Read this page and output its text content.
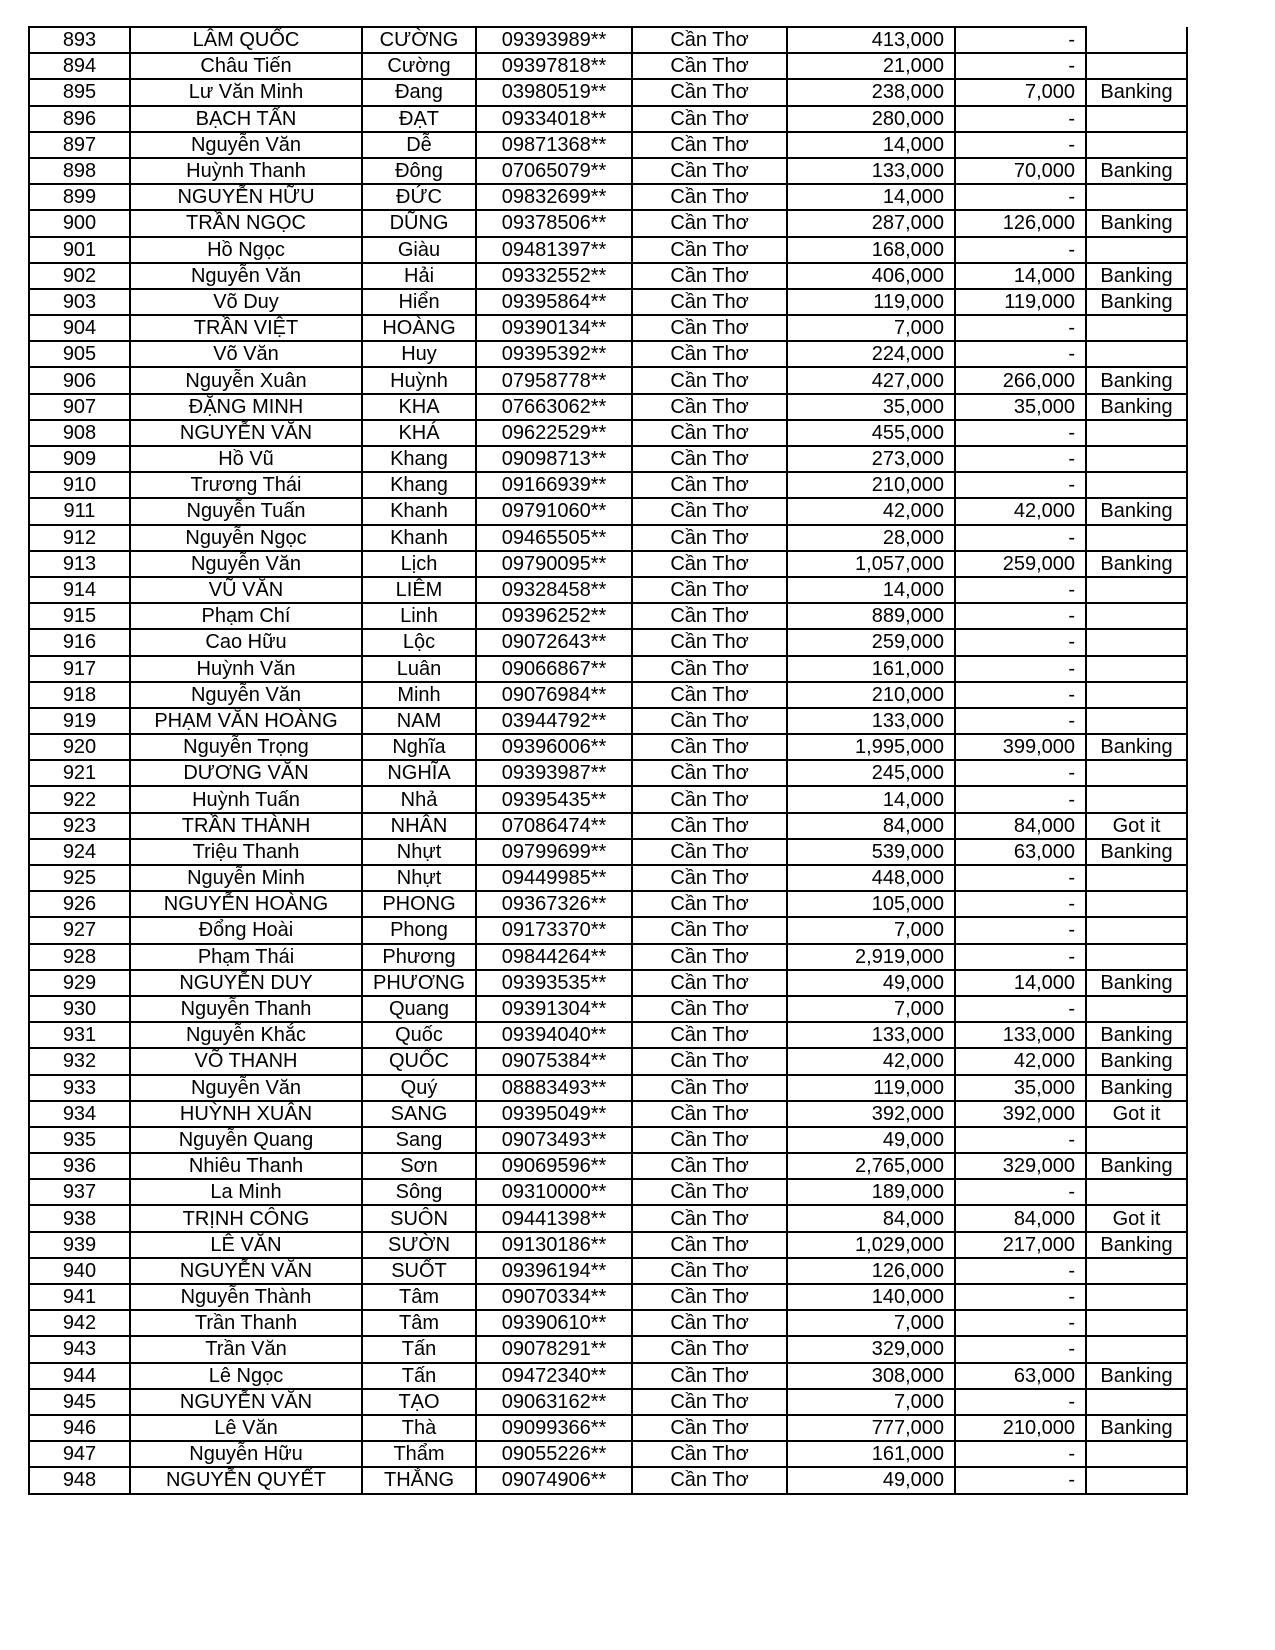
893	LÂM QUỐC	CƯỜNG	09393989**	Cần Thơ	413,000	-	
894	Châu Tiến	Cường	09397818**	Cần Thơ	21,000	-	
895	Lư Văn Minh	Đang	03980519**	Cần Thơ	238,000	7,000	Banking
896	BẠCH TẤN	ĐẠT	09334018**	Cần Thơ	280,000	-	
897	Nguyễn Văn	Dễ	09871368**	Cần Thơ	14,000	-	
898	Huỳnh Thanh	Đông	07065079**	Cần Thơ	133,000	70,000	Banking
899	NGUYỄN HỮU	ĐỨC	09832699**	Cần Thơ	14,000	-	
900	TRẦN NGỌC	DŨNG	09378506**	Cần Thơ	287,000	126,000	Banking
901	Hồ Ngọc	Giàu	09481397**	Cần Thơ	168,000	-	
902	Nguyễn Văn	Hải	09332552**	Cần Thơ	406,000	14,000	Banking
903	Võ Duy	Hiển	09395864**	Cần Thơ	119,000	119,000	Banking
904	TRẦN VIỆT	HOÀNG	09390134**	Cần Thơ	7,000	-	
905	Võ Văn	Huy	09395392**	Cần Thơ	224,000	-	
906	Nguyễn Xuân	Huỳnh	07958778**	Cần Thơ	427,000	266,000	Banking
907	ĐẶNG MINH	KHA	07663062**	Cần Thơ	35,000	35,000	Banking
908	NGUYỄN VĂN	KHÁ	09622529**	Cần Thơ	455,000	-	
909	Hồ Vũ	Khang	09098713**	Cần Thơ	273,000	-	
910	Trương Thái	Khang	09166939**	Cần Thơ	210,000	-	
911	Nguyễn Tuấn	Khanh	09791060**	Cần Thơ	42,000	42,000	Banking
912	Nguyễn Ngọc	Khanh	09465505**	Cần Thơ	28,000	-	
913	Nguyễn Văn	Lịch	09790095**	Cần Thơ	1,057,000	259,000	Banking
914	VŨ VĂN	LIÊM	09328458**	Cần Thơ	14,000	-	
915	Phạm Chí	Linh	09396252**	Cần Thơ	889,000	-	
916	Cao Hữu	Lộc	09072643**	Cần Thơ	259,000	-	
917	Huỳnh Văn	Luân	09066867**	Cần Thơ	161,000	-	
918	Nguyễn Văn	Minh	09076984**	Cần Thơ	210,000	-	
919	PHẠM VĂN HOÀNG	NAM	03944792**	Cần Thơ	133,000	-	
920	Nguyễn Trọng	Nghĩa	09396006**	Cần Thơ	1,995,000	399,000	Banking
921	DƯƠNG VĂN	NGHĨA	09393987**	Cần Thơ	245,000	-	
922	Huỳnh Tuấn	Nhả	09395435**	Cần Thơ	14,000	-	
923	TRẦN THÀNH	NHÂN	07086474**	Cần Thơ	84,000	84,000	Got it
924	Triệu Thanh	Nhựt	09799699**	Cần Thơ	539,000	63,000	Banking
925	Nguyễn Minh	Nhựt	09449985**	Cần Thơ	448,000	-	
926	NGUYỄN HOÀNG	PHONG	09367326**	Cần Thơ	105,000	-	
927	Đổng Hoài	Phong	09173370**	Cần Thơ	7,000	-	
928	Phạm Thái	Phương	09844264**	Cần Thơ	2,919,000	-	
929	NGUYỄN DUY	PHƯƠNG	09393535**	Cần Thơ	49,000	14,000	Banking
930	Nguyễn Thanh	Quang	09391304**	Cần Thơ	7,000	-	
931	Nguyễn Khắc	Quốc	09394040**	Cần Thơ	133,000	133,000	Banking
932	VÕ THANH	QUỐC	09075384**	Cần Thơ	42,000	42,000	Banking
933	Nguyễn Văn	Quý	08883493**	Cần Thơ	119,000	35,000	Banking
934	HUỲNH XUÂN	SANG	09395049**	Cần Thơ	392,000	392,000	Got it
935	Nguyễn Quang	Sang	09073493**	Cần Thơ	49,000	-	
936	Nhiêu Thanh	Sơn	09069596**	Cần Thơ	2,765,000	329,000	Banking
937	La Minh	Sông	09310000**	Cần Thơ	189,000	-	
938	TRỊNH CÔNG	SUÔN	09441398**	Cần Thơ	84,000	84,000	Got it
939	LÊ VĂN	SƯỜN	09130186**	Cần Thơ	1,029,000	217,000	Banking
940	NGUYỄN VĂN	SUỐT	09396194**	Cần Thơ	126,000	-	
941	Nguyễn Thành	Tâm	09070334**	Cần Thơ	140,000	-	
942	Trần Thanh	Tâm	09390610**	Cần Thơ	7,000	-	
943	Trần Văn	Tấn	09078291**	Cần Thơ	329,000	-	
944	Lê Ngọc	Tấn	09472340**	Cần Thơ	308,000	63,000	Banking
945	NGUYỄN VĂN	TẠO	09063162**	Cần Thơ	7,000	-	
946	Lê Văn	Thà	09099366**	Cần Thơ	777,000	210,000	Banking
947	Nguyễn Hữu	Thẩm	09055226**	Cần Thơ	161,000	-	
948	NGUYỄN QUYẾT	THẮNG	09074906**	Cần Thơ	49,000	-	
